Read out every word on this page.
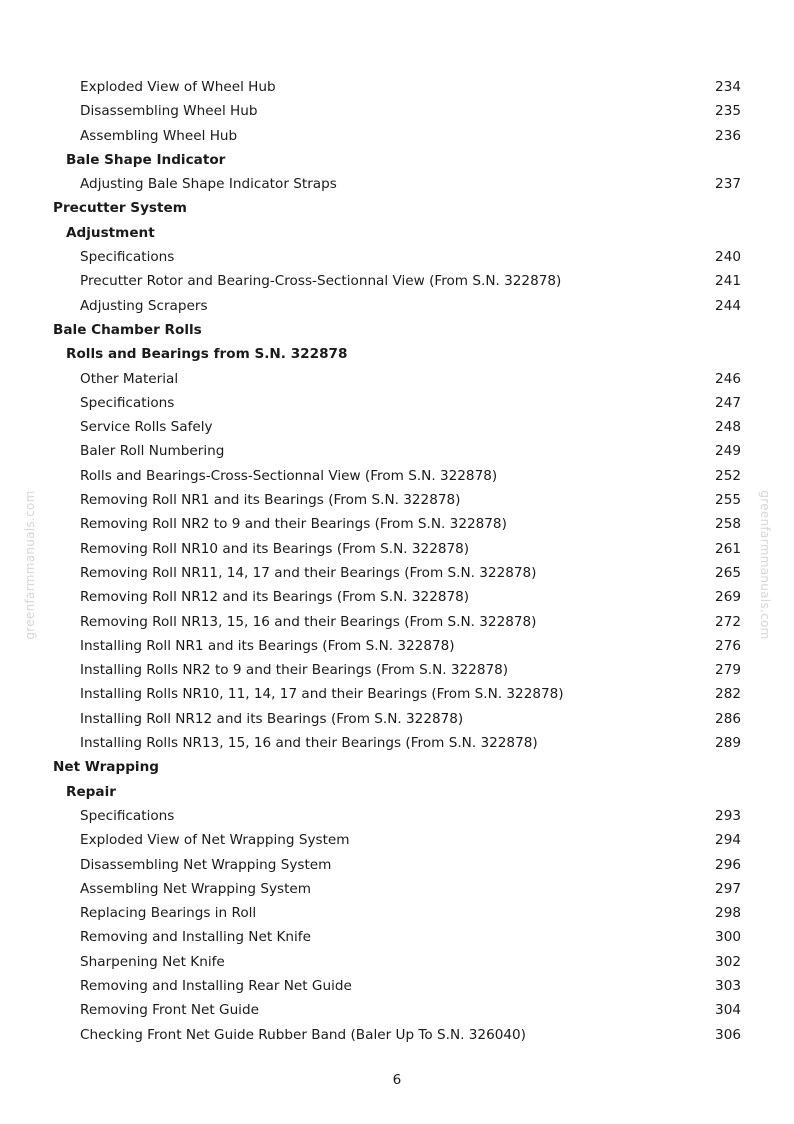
Exploded View of Wheel Hub	234
Disassembling Wheel Hub	235
Assembling Wheel Hub	236
Bale Shape Indicator
Adjusting Bale Shape Indicator Straps	237
Precutter System
Adjustment
Specifications	240
Precutter Rotor and Bearing-Cross-Sectionnal View (From S.N. 322878)	241
Adjusting Scrapers	244
Bale Chamber Rolls
Rolls and Bearings from S.N. 322878
Other Material	246
Specifications	247
Service Rolls Safely	248
Baler Roll Numbering	249
Rolls and Bearings-Cross-Sectionnal View (From S.N. 322878)	252
Removing Roll NR1 and its Bearings (From S.N. 322878)	255
Removing Roll NR2 to 9 and their Bearings (From S.N. 322878)	258
Removing Roll NR10 and its Bearings (From S.N. 322878)	261
Removing Roll NR11, 14, 17 and their Bearings (From S.N. 322878)	265
Removing Roll NR12 and its Bearings (From S.N. 322878)	269
Removing Roll NR13, 15, 16 and their Bearings (From S.N. 322878)	272
Installing Roll NR1 and its Bearings (From S.N. 322878)	276
Installing Rolls NR2 to 9 and their Bearings (From S.N. 322878)	279
Installing Rolls NR10, 11, 14, 17 and their Bearings (From S.N. 322878)	282
Installing Roll NR12 and its Bearings (From S.N. 322878)	286
Installing Rolls NR13, 15, 16 and their Bearings (From S.N. 322878)	289
Net Wrapping
Repair
Specifications	293
Exploded View of Net Wrapping System	294
Disassembling Net Wrapping System	296
Assembling Net Wrapping System	297
Replacing Bearings in Roll	298
Removing and Installing Net Knife	300
Sharpening Net Knife	302
Removing and Installing Rear Net Guide	303
Removing Front Net Guide	304
Checking Front Net Guide Rubber Band (Baler Up To S.N. 326040)	306
greenfarmmanuals.com	greenfarmmanuals.com
6
